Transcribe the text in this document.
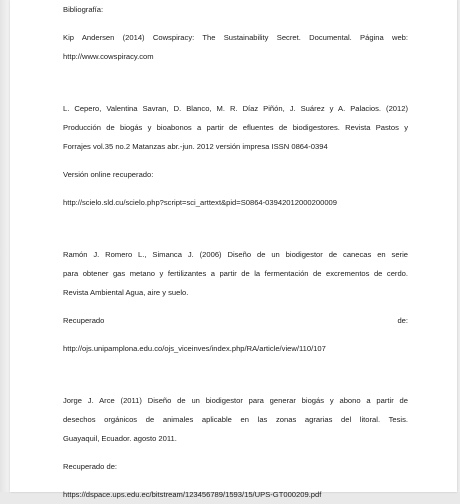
Bibliografía:
Kip Andersen (2014) Cowspiracy: The Sustainability Secret. Documental. Página web:
http://www.cowspiracy.com
L. Cepero, Valentina Savran, D. Blanco, M. R. Díaz Piñón, J. Suárez y A. Palacios. (2012)
Producción de biogás y bioabonos a partir de efluentes de biodigestores. Revista Pastos y
Forrajes vol.35 no.2 Matanzas abr.-jun. 2012 versión impresa ISSN 0864-0394
Versión online recuperado:
http://scielo.sld.cu/scielo.php?script=sci_arttext&pid=S0864-03942012000200009
Ramón J. Romero L., Simanca J. (2006) Diseño de un biodigestor de canecas en serie
para obtener gas metano y fertilizantes a partir de la fermentación de excrementos de cerdo.
Revista Ambiental Agua, aire y suelo.
Recuperado	de:
http://ojs.unipamplona.edu.co/ojs_viceinves/index.php/RA/article/view/110/107
Jorge J. Arce (2011) Diseño de un biodigestor para generar biogás y abono a partir de
desechos orgánicos de animales aplicable en las zonas agrarias del litoral. Tesis.
Guayaquil, Ecuador. agosto 2011.
Recuperado de:
https://dspace.ups.edu.ec/bitstream/123456789/1593/15/UPS-GT000209.pdf
